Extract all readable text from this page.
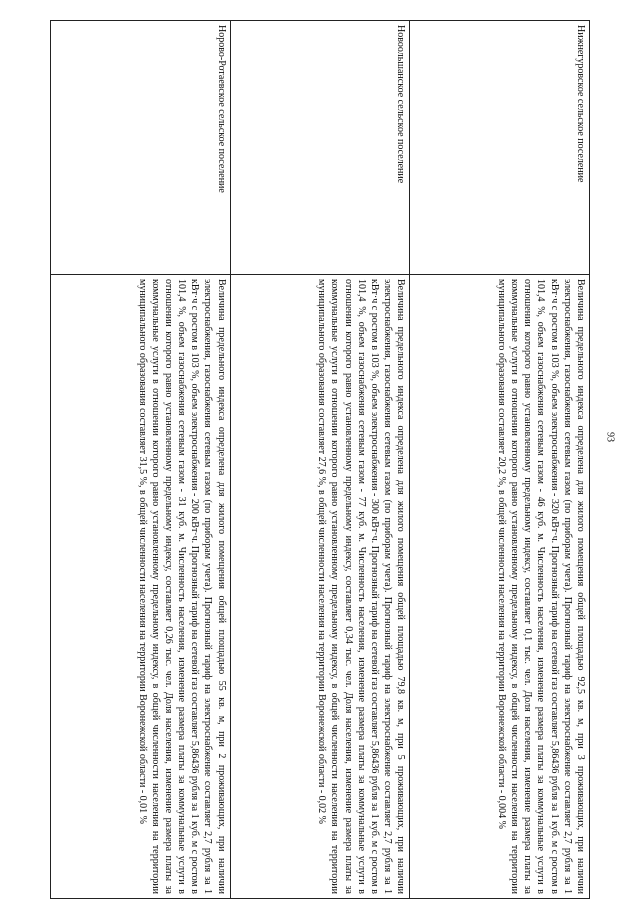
93
Нижнегуровское сельское поселение	Величина предельного индекса определена для жилого помещения общей площадью 92,5 кв. м, при 3 проживающих, при наличии электроснабжения, газоснабжения сетевым газом (по приборам учета). Прогнозный тариф на электроснабжение составляет 2,7 рубля за 1 кВт·ч с ростом в 103 %, объем электроснабжения - 320 кВт·ч. Прогнозный тариф на сетевой газ составляет 5,86436 рубля за 1 куб. м с ростом в 101,4 %, объем газоснабжения сетевым газом - 46 куб. м. Численность населения, изменение размера платы за коммунальные услуги в отношении которого равно установленному предельному индексу, составляет 0,1 тыс. чел. Доля населения, изменение размера платы за коммунальные услуги в отношении которого равно установленному предельному индексу, в общей численности населения на территории муниципального образования составляет 20,2 %, в общей численности населения на территории Воронежской области - 0,004 %
Новоольшанское сельское поселение	Величина предельного индекса определена для жилого помещения общей площадью 79,8 кв. м, при 5 проживающих, при наличии электроснабжения, газоснабжения сетевым газом (по приборам учета). Прогнозный тариф на электроснабжение составляет 2,7 рубля за 1 кВт·ч с ростом в 103 %, объем электроснабжения - 300 кВт·ч. Прогнозный тариф на сетевой газ составляет 5,86436 рубля за 1 куб. м с ростом в 101,4 %, объем газоснабжения сетевым газом - 77 куб. м. Численность населения, изменение размера платы за коммунальные услуги в отношении которого равно установленному предельному индексу, составляет 0,34 тыс. чел. Доля населения, изменение размера платы за коммунальные услуги в отношении которого равно установленному предельному индексу, в общей численности населения на территории муниципального образования составляет 27,6 %, в общей численности населения на территории Воронежской области - 0,02 %
Норово-Ротаевское сельское поселение	Величина предельного индекса определена для жилого помещения общей площадью 55 кв. м, при 2 проживающих, при наличии электроснабжения, газоснабжения сетевым газом (по приборам учета). Прогнозный тариф на электроснабжение составляет 2,7 рубля за 1 кВт·ч с ростом в 103 %, объем электроснабжения - 200 кВт·ч. Прогнозный тариф на сетевой газ составляет 5,86436 рубля за 1 куб. м с ростом в 101,4 %, объем газоснабжения сетевым газом - 31 куб. м. Численность населения, изменение размера платы за коммунальные услуги в отношении которого равно установленному предельному индексу, составляет 0,26 тыс. чел. Доля населения, изменение размера платы за коммунальные услуги в отношении которого равно установленному предельному индексу, в общей численности населения на территории муниципального образования составляет 31,5 %, в общей численности населения на территории Воронежской области - 0,01 %
